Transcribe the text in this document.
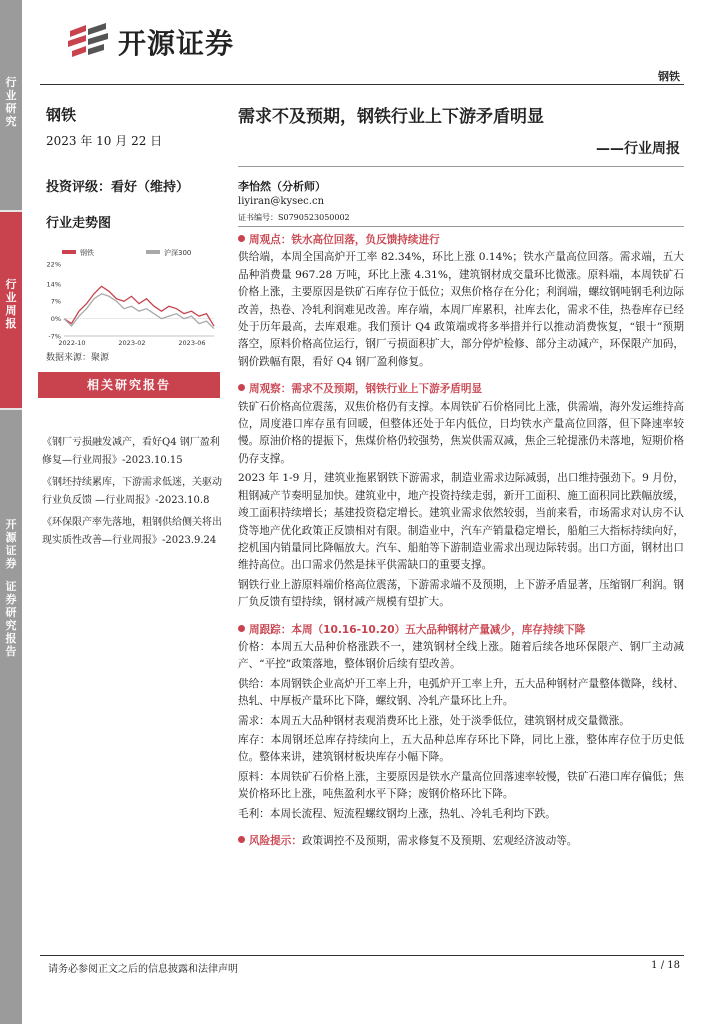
行业研究
行业周报
开源证券
证券研究报告
开源证券
钢铁
钢铁
2023 年 10 月 22 日
投资评级：看好（维持）
行业走势图
钢铁	沪深300
22%
14%
7%
0%
-7%
2022-10	2023-02	2023-06
数据来源：聚源
相关研究报告

《钢厂亏损融发减产，看好Q4 钢厂盈利修复—行业周报》-2023.10.15

《钢坯持续累库，下游需求低迷，关驱动行业负反馈 —行业周报》-2023.10.8

《环保限产率先落地，粗钢供给侧关将出现实质性改善—行业周报》-2023.9.24

需求不及预期，钢铁行业上下游矛盾明显
——行业周报
李怡然（分析师）
liyiran@kysec.cn
证书编号：S0790523050002
周观点：铁水高位回落，负反馈持续进行
供给端，本周全国高炉开工率 82.34%，环比上涨 0.14%；铁水产量高位回落。需求端，五大品种消费量 967.28 万吨，环比上涨 4.31%，建筑钢材成交量环比微涨。原料端，本周铁矿石价格上涨，主要原因是铁矿石库存位于低位；双焦价格存在分化；利润端，螺纹钢吨钢毛利边际改善，热卷、冷轧利润难见改善。库存端，本周厂库累积，社库去化，需求不佳，热卷库存已经处于历年最高，去库艰难。我们预计 Q4 政策端或将多举措并行以推动消费恢复，“银十”预期落空，原料价格高位运行，钢厂亏损面积扩大，部分停炉检修、部分主动减产，环保限产加码，钢价跌幅有限，看好 Q4 钢厂盈利修复。
周观察：需求不及预期，钢铁行业上下游矛盾明显
铁矿石价格高位震荡，双焦价格仍有支撑。本周铁矿石价格同比上涨，供需端，海外发运维持高位，周度港口库存虽有回暖，但整体还处于年内低位，日均铁水产量高位回落，但下降速率较慢。原油价格的提振下，焦煤价格仍较强势，焦炭供需双减，焦企三轮提涨仍未落地，短期价格仍存支撑。
2023 年 1-9 月，建筑业拖累钢铁下游需求，制造业需求边际减弱，出口维持强劲下。9 月份，粗钢减产节奏明显加快。建筑业中，地产投资持续走弱，新开工面积、施工面积同比跌幅放缓，竣工面积持续增长；基建投资稳定增长。建筑业需求依然较弱，当前来看，市场需求对认房不认贷等地产优化政策正反馈相对有限。制造业中，汽车产销量稳定增长，船舶三大指标持续向好，挖机国内销量同比降幅放大。汽车、船舶等下游制造业需求出现边际转弱。出口方面，钢材出口维持高位。出口需求仍然是抹平供需缺口的重要支撑。
钢铁行业上游原料端价格高位震荡，下游需求端不及预期，上下游矛盾显著，压缩钢厂利润。钢厂负反馈有望持续，钢材减产规模有望扩大。
周跟踪：本周（10.16-10.20）五大品种钢材产量减少，库存持续下降
价格：本周五大品种价格涨跌不一，建筑钢材全线上涨。随着后续各地环保限产、钢厂主动减产、“平控”政策落地，整体钢价后续有望改善。
供给：本周钢铁企业高炉开工率上升，电弧炉开工率上升，五大品种钢材产量整体微降，线材、热轧、中厚板产量环比下降，螺纹钢、冷轧产量环比上升。
需求：本周五大品种钢材表观消费环比上涨，处于淡季低位，建筑钢材成交量微涨。
库存：本周钢坯总库存持续向上，五大品种总库存环比下降，同比上涨，整体库存位于历史低位。整体来讲，建筑钢材板块库存小幅下降。
原料：本周铁矿石价格上涨，主要原因是铁水产量高位回落速率较慢，铁矿石港口库存偏低；焦炭价格环比上涨，吨焦盈利水平下降；废钢价格环比下降。
毛利：本周长流程、短流程螺纹钢均上涨，热轧、冷轧毛利均下跌。
风险提示：政策调控不及预期，需求修复不及预期、宏观经济波动等。
请务必参阅正文之后的信息披露和法律声明	1 / 18
